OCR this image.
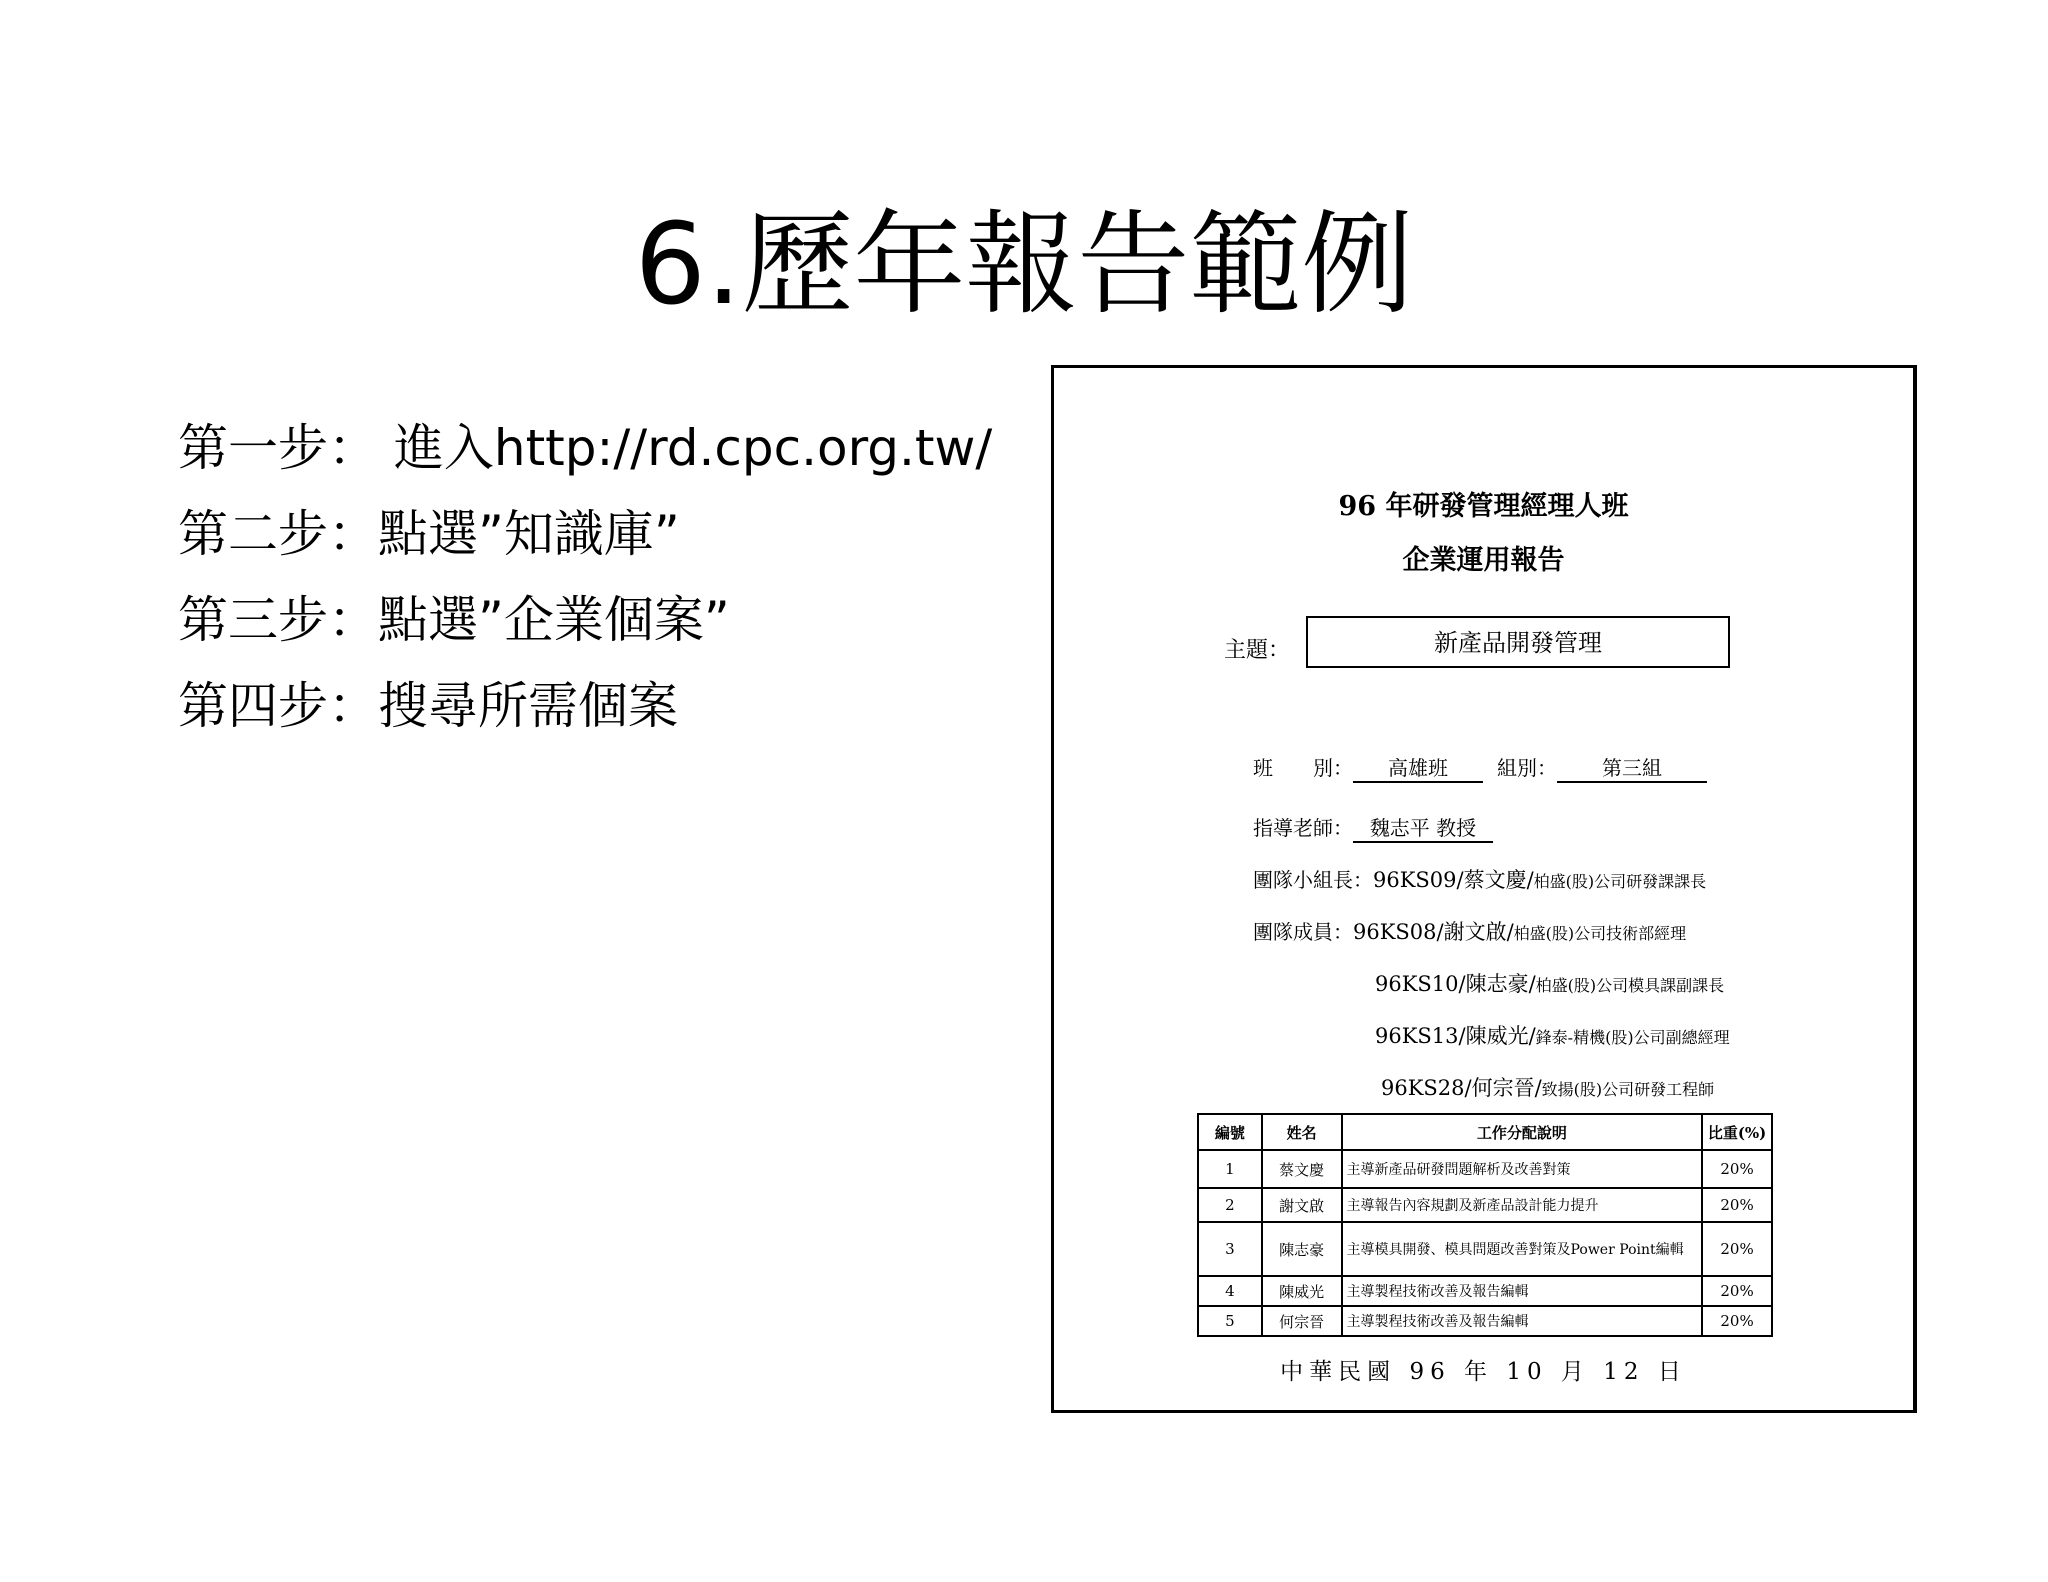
6.歷年報告範例
第一步： 進入http://rd.cpc.org.tw/
第二步：點選”知識庫”
第三步：點選”企業個案”
第四步：搜尋所需個案
96 年研發管理經理人班
企業運用報告
主題：	新產品開發管理
班　　別： 高雄班 組別： 第三組
指導老師： 魏志平 教授
團隊小組長：96KS09/蔡文慶/柏盛(股)公司研發課課長
團隊成員：96KS08/謝文啟/柏盛(股)公司技術部經理
96KS10/陳志豪/柏盛(股)公司模具課副課長
96KS13/陳威光/鋒泰-精機(股)公司副總經理
96KS28/何宗晉/致揚(股)公司研發工程師
編號	姓名	工作分配說明	比重(%)
1	蔡文慶	主導新產品研發問題解析及改善對策	20%
2	謝文啟	主導報告內容規劃及新產品設計能力提升	20%
3	陳志豪	主導模具開發、模具問題改善對策及Power Point編輯	20%
4	陳威光	主導製程技術改善及報告編輯	20%
5	何宗晉	主導製程技術改善及報告編輯	20%
中華民國 96 年 10 月 12 日
